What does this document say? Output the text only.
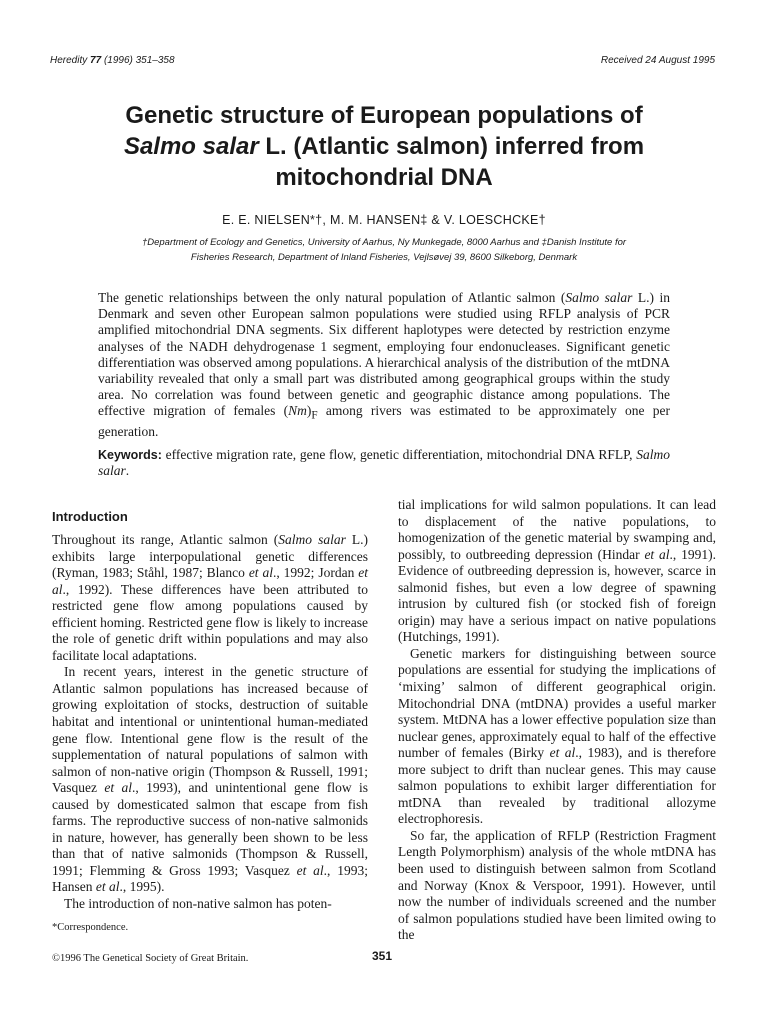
Heredity 77 (1996) 351–358	Received 24 August 1995
Genetic structure of European populations of
Salmo salar L. (Atlantic salmon) inferred from
mitochondrial DNA
E. E. NIELSEN*†, M. M. HANSEN‡ & V. LOESCHCKE†
†Department of Ecology and Genetics, University of Aarhus, Ny Munkegade, 8000 Aarhus and ‡Danish Institute for
Fisheries Research, Department of Inland Fisheries, Vejlsøvej 39, 8600 Silkeborg, Denmark

The genetic relationships between the only natural population of Atlantic salmon (Salmo salar L.) in Denmark and seven other European salmon populations were studied using RFLP analysis of PCR amplified mitochondrial DNA segments. Six different haplotypes were detected by restriction enzyme analyses of the NADH dehydrogenase 1 segment, employing four endonucleases. Significant genetic differentiation was observed among populations. A hierarchical analysis of the distribution of the mtDNA variability revealed that only a small part was distributed among geographical groups within the study area. No correlation was found between genetic and geographic distance among populations. The effective migration of females $(Nm)_F$ among rivers was estimated to be approximately one per generation.

Keywords: effective migration rate, gene flow, genetic differentiation, mitochondrial DNA RFLP, Salmo salar.

Introduction

Throughout its range, Atlantic salmon (Salmo salar L.) exhibits large interpopulational genetic differences (Ryman, 1983; Ståhl, 1987; Blanco et al., 1992; Jordan et al., 1992). These differences have been attributed to restricted gene flow among populations caused by efficient homing. Restricted gene flow is likely to increase the role of genetic drift within populations and may also facilitate local adaptations.

In recent years, interest in the genetic structure of Atlantic salmon populations has increased because of growing exploitation of stocks, destruction of suitable habitat and intentional or unintentional human-mediated gene flow. Intentional gene flow is the result of the supplementation of natural populations of salmon with salmon of non-native origin (Thompson & Russell, 1991; Vasquez et al., 1993), and unintentional gene flow is caused by domesticated salmon that escape from fish farms. The reproductive success of non-native salmonids in nature, however, has generally been shown to be less than that of native salmonids (Thompson & Russell, 1991; Flemming & Gross 1993; Vasquez et al., 1993; Hansen et al., 1995).

The introduction of non-native salmon has poten-

tial implications for wild salmon populations. It can lead to displacement of the native populations, to homogenization of the genetic material by swamping and, possibly, to outbreeding depression (Hindar et al., 1991). Evidence of outbreeding depression is, however, scarce in salmonid fishes, but even a low degree of spawning intrusion by cultured fish (or stocked fish of foreign origin) may have a serious impact on native populations (Hutchings, 1991).

Genetic markers for distinguishing between source populations are essential for studying the implications of ‘mixing’ salmon of different geographical origin. Mitochondrial DNA (mtDNA) provides a useful marker system. MtDNA has a lower effective population size than nuclear genes, approximately equal to half of the effective number of females (Birky et al., 1983), and is therefore more subject to drift than nuclear genes. This may cause salmon populations to exhibit larger differentiation for mtDNA than revealed by traditional allozyme electrophoresis.

So far, the application of RFLP (Restriction Fragment Length Polymorphism) analysis of the whole mtDNA has been used to distinguish between salmon from Scotland and Norway (Knox & Verspoor, 1991). However, until now the number of individuals screened and the number of salmon populations studied have been limited owing to the

*Correspondence.
©1996 The Genetical Society of Great Britain.	351
